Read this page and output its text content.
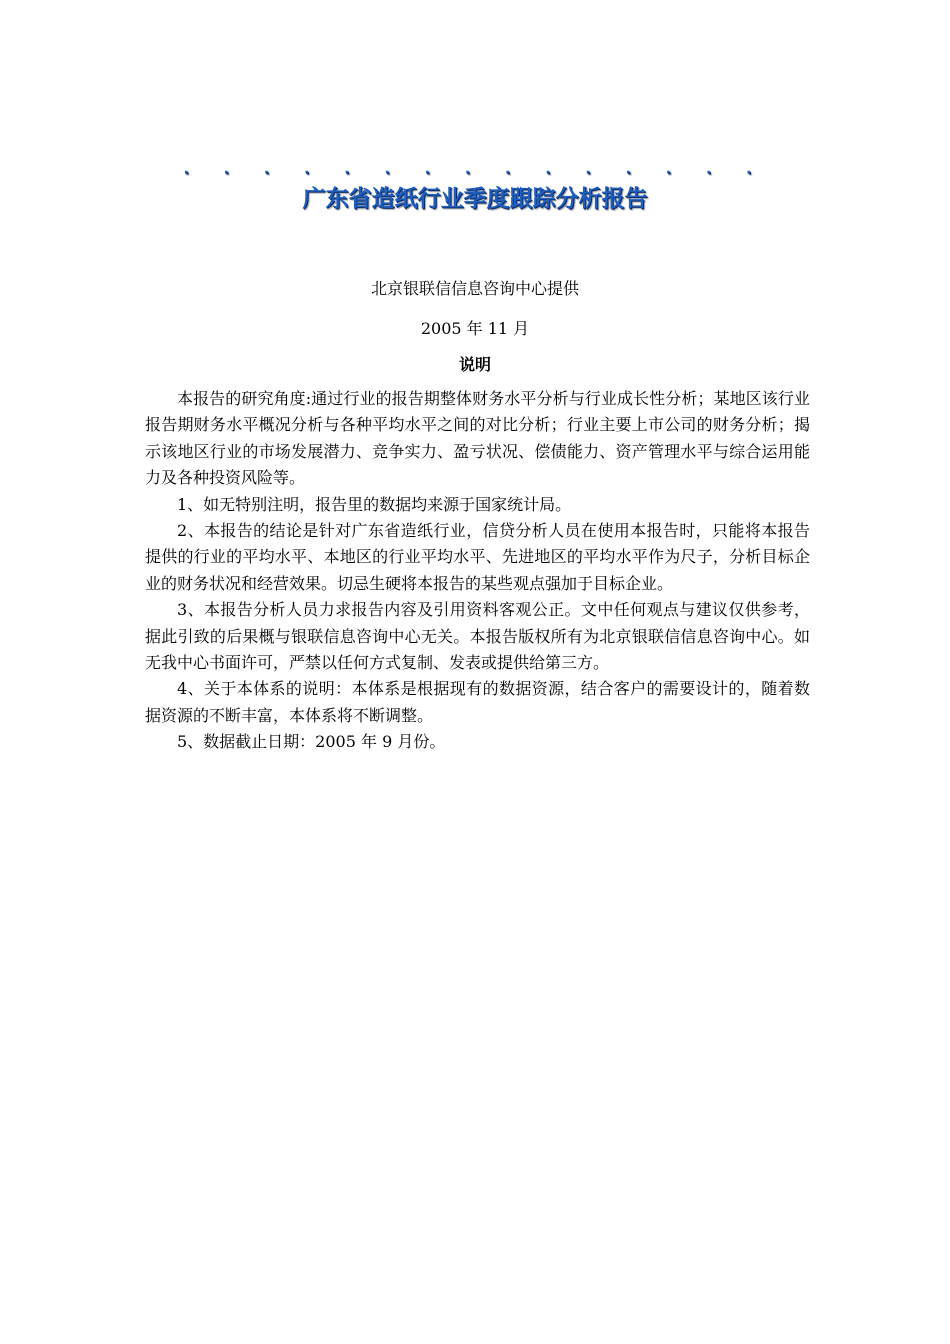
· · · · · · · · · · · · · · ·
广东省造纸行业季度跟踪分析报告
北京银联信信息咨询中心提供
2005 年 11 月
说明

本报告的研究角度:通过行业的报告期整体财务水平分析与行业成长性分析；某地区该行业报告期财务水平概况分析与各种平均水平之间的对比分析；行业主要上市公司的财务分析；揭示该地区行业的市场发展潜力、竞争实力、盈亏状况、偿债能力、资产管理水平与综合运用能力及各种投资风险等。

1、如无特别注明，报告里的数据均来源于国家统计局。

2、本报告的结论是针对广东省造纸行业，信贷分析人员在使用本报告时，只能将本报告提供的行业的平均水平、本地区的行业平均水平、先进地区的平均水平作为尺子，分析目标企业的财务状况和经营效果。切忌生硬将本报告的某些观点强加于目标企业。

3、本报告分析人员力求报告内容及引用资料客观公正。文中任何观点与建议仅供参考，据此引致的后果概与银联信息咨询中心无关。本报告版权所有为北京银联信信息咨询中心。如无我中心书面许可，严禁以任何方式复制、发表或提供给第三方。

4、关于本体系的说明：本体系是根据现有的数据资源，结合客户的需要设计的，随着数据资源的不断丰富，本体系将不断调整。

5、数据截止日期：2005 年 9 月份。
